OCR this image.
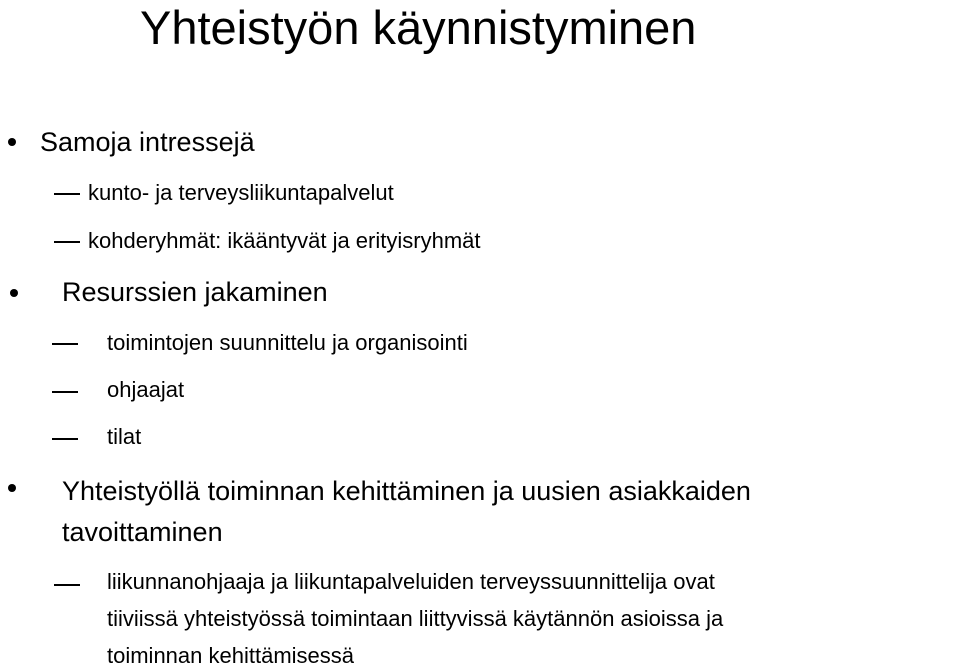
Yhteistyön käynnistyminen
Samoja intressejä
kunto- ja terveysliikuntapalvelut
kohderyhmät: ikääntyvät ja erityisryhmät
Resurssien jakaminen
toimintojen suunnittelu ja organisointi
ohjaajat
tilat
Yhteistyöllä toiminnan kehittäminen ja uusien asiakkaiden
tavoittaminen
liikunnanohjaaja ja liikuntapalveluiden terveyssuunnittelija ovat
tiiviissä yhteistyössä toimintaan liittyvissä käytännön asioissa ja
toiminnan kehittämisessä
